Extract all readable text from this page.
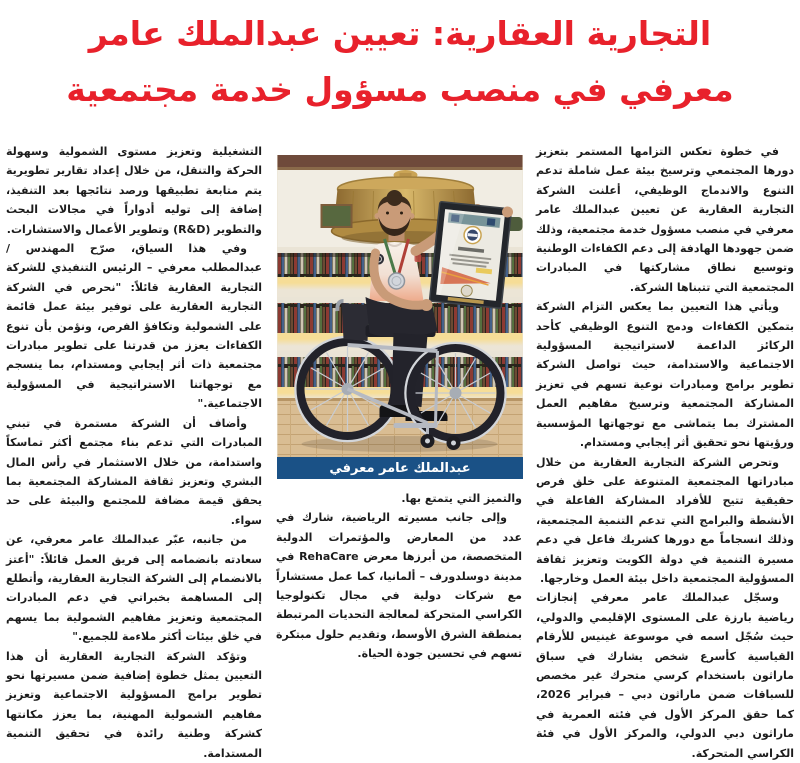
التجارية العقارية: تعيين عبدالملك عامر
معرفي في منصب مسؤول خدمة مجتمعية

في خطوة تعكس التزامها المستمر بتعزيز دورها المجتمعي وترسيخ بيئة عمل شاملة تدعم التنوع والاندماج الوظيفي، أعلنت الشركة التجارية العقارية عن تعيين عبدالملك عامر معرفي في منصب مسؤول خدمة مجتمعية، وذلك ضمن جهودها الهادفة إلى دعم الكفاءات الوطنية وتوسيع نطاق مشاركتها في المبادرات المجتمعية التي تتبناها الشركة.

ويأتي هذا التعيين بما يعكس التزام الشركة بتمكين الكفاءات ودمج التنوع الوظيفي كأحد الركائز الداعمة لاستراتيجية المسؤولية الاجتماعية والاستدامة، حيث تواصل الشركة تطوير برامج ومبادرات نوعية تسهم في تعزيز المشاركة المجتمعية وترسيخ مفاهيم العمل المشترك بما يتماشى مع توجهاتها المؤسسية ورؤيتها نحو تحقيق أثر إيجابي ومستدام.

وتحرص الشركة التجارية العقارية من خلال مبادراتها المجتمعية المتنوعة على خلق فرص حقيقية تتيح للأفراد المشاركة الفاعلة في الأنشطة والبرامج التي تدعم التنمية المجتمعية، وذلك انسجاماً مع دورها كشريك فاعل في دعم مسيرة التنمية في دولة الكويت وتعزيز ثقافة المسؤولية المجتمعية داخل بيئة العمل وخارجها.

وسجّل عبدالملك عامر معرفي إنجازات رياضية بارزة على المستوى الإقليمي والدولي، حيث سُجّل اسمه في موسوعة غينيس للأرقام القياسية كأسرع شخص يشارك في سباق ماراثون باستخدام كرسي متحرك غير مخصص للسباقات ضمن ماراثون دبي – فبراير 2026، كما حقق المركز الأول في فئته العمرية في ماراثون دبي الدولي، والمركز الأول في فئة الكراسي المتحركة.

عبدالملك عامر معرفي

والتميز التي يتمتع بها.

وإلى جانب مسيرته الرياضية، شارك في عدد من المعارض والمؤتمرات الدولية المتخصصة، من أبرزها معرض RehaCare في مدينة دوسلدورف – ألمانيا، كما عمل مستشاراً مع شركات دولية في مجال تكنولوجيا الكراسي المتحركة لمعالجة التحديات المرتبطة بمنطقة الشرق الأوسط، وتقديم حلول مبتكرة تسهم في تحسين جودة الحياة.

التشغيلية وتعزيز مستوى الشمولية وسهولة الحركة والتنقل، من خلال إعداد تقارير تطويرية يتم متابعة تطبيقها ورصد نتائجها بعد التنفيذ، إضافة إلى توليه أدواراً في مجالات البحث والتطوير (R&D) وتطوير الأعمال والاستشارات.

وفي هذا السياق، صرّح المهندس / عبدالمطلب معرفي – الرئيس التنفيذي للشركة التجارية العقارية قائلاً: "نحرص في الشركة التجارية العقارية على توفير بيئة عمل قائمة على الشمولية وتكافؤ الفرص، ونؤمن بأن تنوع الكفاءات يعزز من قدرتنا على تطوير مبادرات مجتمعية ذات أثر إيجابي ومستدام، بما ينسجم مع توجهاتنا الاستراتيجية في المسؤولية الاجتماعية."

وأضاف أن الشركة مستمرة في تبني المبادرات التي تدعم بناء مجتمع أكثر تماسكاً واستدامة، من خلال الاستثمار في رأس المال البشري وتعزيز ثقافة المشاركة المجتمعية بما يحقق قيمة مضافة للمجتمع والبيئة على حد سواء.

من جانبه، عبّر عبدالملك عامر معرفي، عن سعادته بانضمامه إلى فريق العمل قائلاً: "أعتز بالانضمام إلى الشركة التجارية العقارية، وأتطلع إلى المساهمة بخبراتي في دعم المبادرات المجتمعية وتعزيز مفاهيم الشمولية بما يسهم في خلق بيئات أكثر ملاءمة للجميع."

وتؤكد الشركة التجارية العقارية أن هذا التعيين يمثل خطوة إضافية ضمن مسيرتها نحو تطوير برامج المسؤولية الاجتماعية وتعزيز مفاهيم الشمولية المهنية، بما يعزز مكانتها كشركة وطنية رائدة في تحقيق التنمية المستدامة.
